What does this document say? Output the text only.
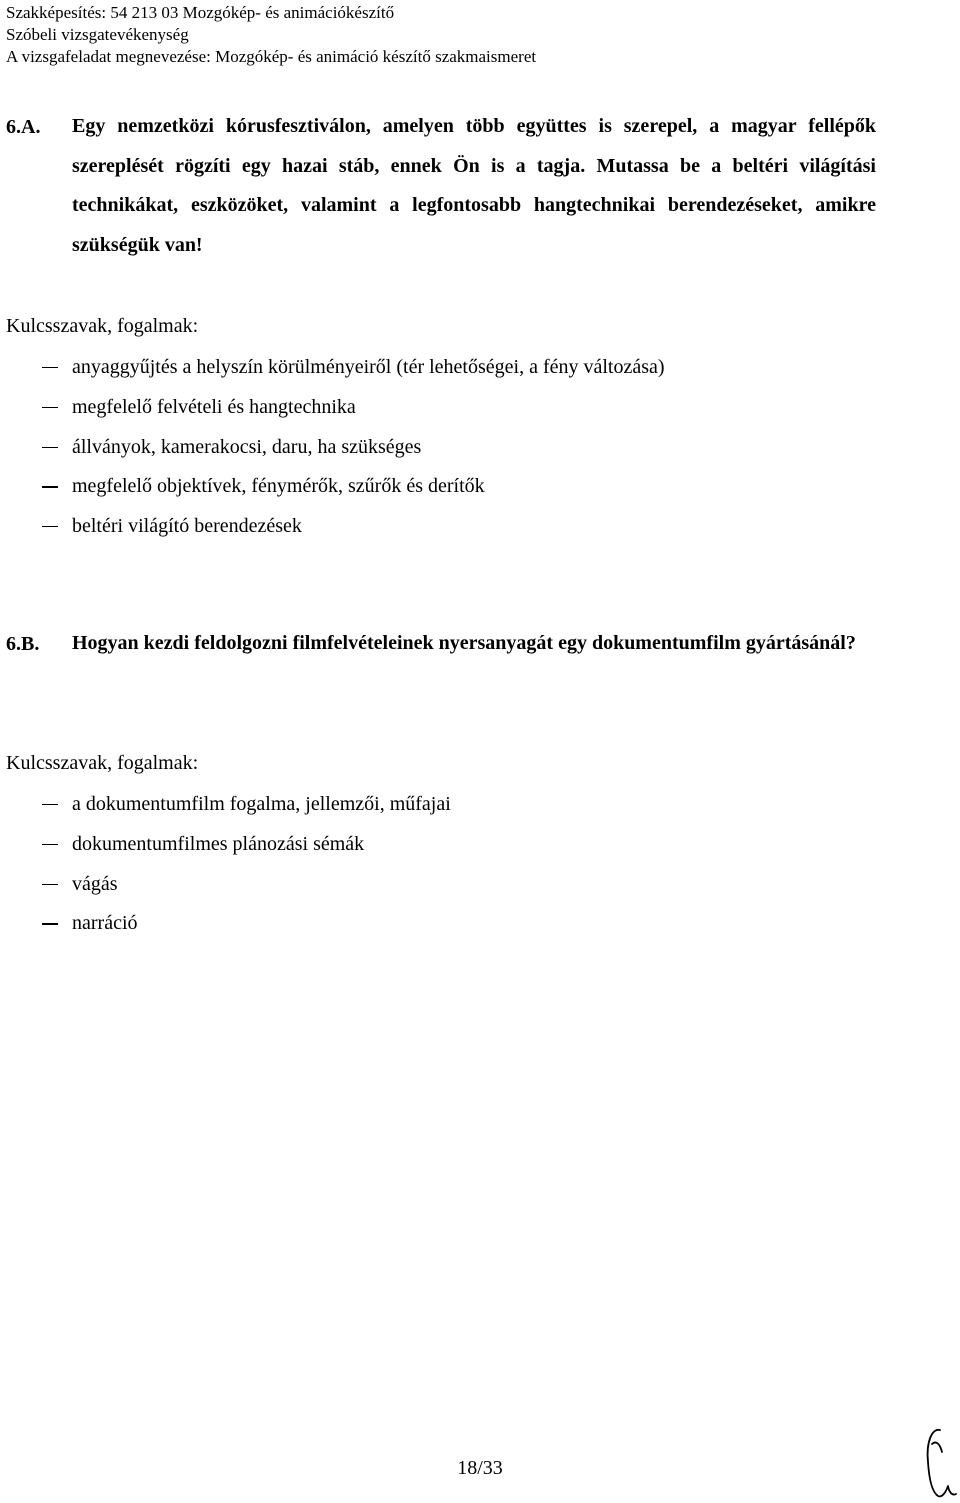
Szakképesítés: 54 213 03 Mozgókép- és animációkészítő
Szóbeli vizsgatevékenység
A vizsgafeladat megnevezése: Mozgókép- és animáció készítő szakmaismeret
6.A. Egy nemzetközi kórusfesztiválon, amelyen több együttes is szerepel, a magyar fellépők szereplését rögzíti egy hazai stáb, ennek Ön is a tagja. Mutassa be a beltéri világítási technikákat, eszközöket, valamint a legfontosabb hangtechnikai berendezéseket, amikre szükségük van!
Kulcsszavak, fogalmak:
anyaggyűjtés a helyszín körülményeiről (tér lehetőségei, a fény változása)
megfelelő felvételi és hangtechnika
állványok, kamerakocsi, daru, ha szükséges
megfelelő objektívek, fénymérők, szűrők és derítők
beltéri világító berendezések
6.B. Hogyan kezdi feldolgozni filmfelvételeinek nyersanyagát egy dokumentumfilm gyártásánál?
Kulcsszavak, fogalmak:
a dokumentumfilm fogalma, jellemzői, műfajai
dokumentumfilmes plánozási sémák
vágás
narráció
18/33
